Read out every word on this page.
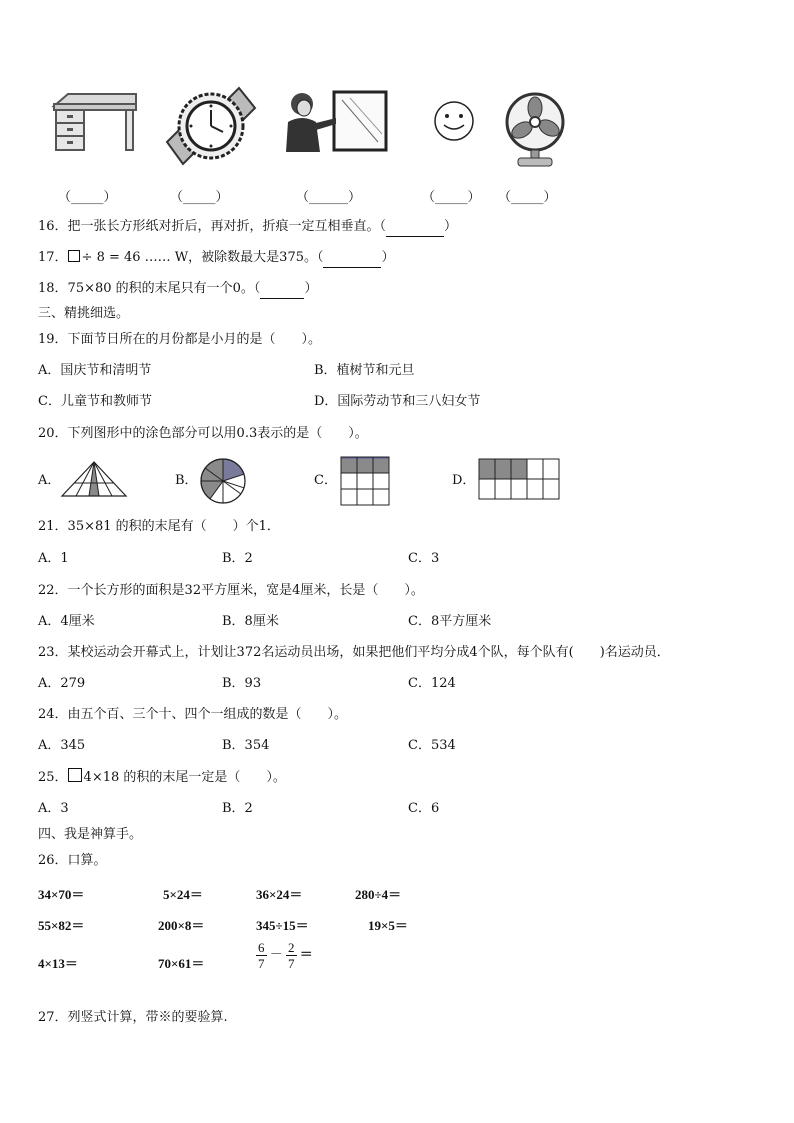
（_____）	（_____）	（______）	（_____） （_____）
16．把一张长方形纸对折后，再对折，折痕一定互相垂直。（	）
17． ÷ 8 = 46 …… W，被除数最大是375。（	）
18．75×80 的积的末尾只有一个0。（	）
三、精挑细选。
19．下面节日所在的月份都是小月的是（　　）。
A．国庆节和清明节	B．植树节和元旦
C．儿童节和教师节	D．国际劳动节和三八妇女节
20．下列图形中的涂色部分可以用0.3表示的是（　　）。
A．	B．	C．	D．
21．35×81 的积的末尾有（　　）个1．
A．1	B．2	C．3
22．一个长方形的面积是32平方厘米，宽是4厘米，长是（　　）。
A．4厘米	B．8厘米	C．8平方厘米
23．某校运动会开幕式上，计划让372名运动员出场，如果把他们平均分成4个队，每个队有(　　)名运动员．
A．279	B．93	C．124
24．由五个百、三个十、四个一组成的数是（　　）。
A．345	B．354	C．534
25． 4×18 的积的末尾一定是（　　）。
A．3	B．2	C．6
四、我是神算手。
26．口算。
34×70＝	5×24＝	36×24＝	280÷4＝
55×82＝	200×8＝	345÷15＝	19×5＝
4×13＝	70×61＝	$\frac{6}{7} - \frac{2}{7}$ ＝
27．列竖式计算，带※的要验算.
